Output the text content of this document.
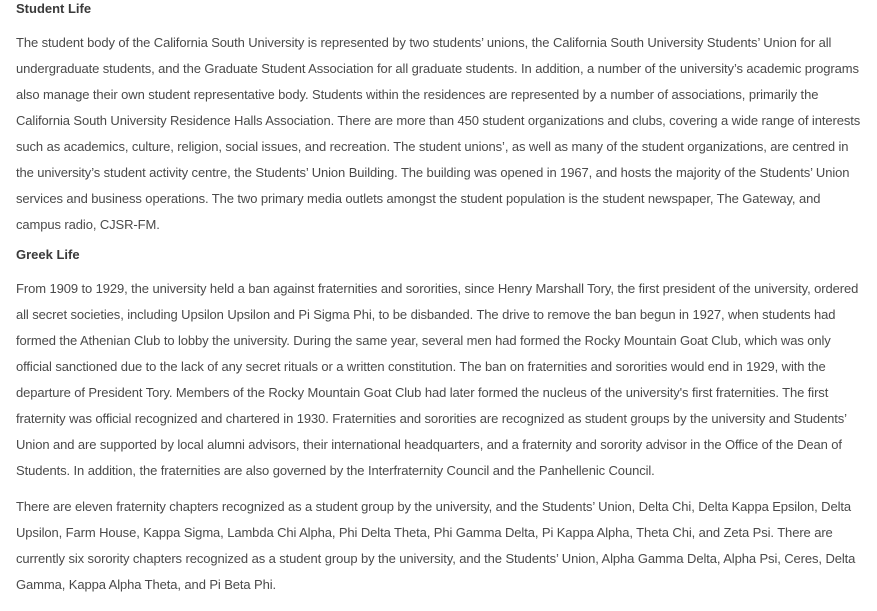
Student Life

The student body of the California South University is represented by two students’ unions, the California South University Students’ Union for all undergraduate students, and the Graduate Student Association for all graduate students. In addition, a number of the university’s academic programs also manage their own student representative body. Students within the residences are represented by a number of associations, primarily the California South University Residence Halls Association. There are more than 450 student organizations and clubs, covering a wide range of interests such as academics, culture, religion, social issues, and recreation. The student unions’, as well as many of the student organizations, are centred in the university’s student activity centre, the Students’ Union Building. The building was opened in 1967, and hosts the majority of the Students’ Union services and business operations. The two primary media outlets amongst the student population is the student newspaper, The Gateway, and campus radio, CJSR-FM.

Greek Life

From 1909 to 1929, the university held a ban against fraternities and sororities, since Henry Marshall Tory, the first president of the university, ordered all secret societies, including Upsilon Upsilon and Pi Sigma Phi, to be disbanded. The drive to remove the ban begun in 1927, when students had formed the Athenian Club to lobby the university. During the same year, several men had formed the Rocky Mountain Goat Club, which was only official sanctioned due to the lack of any secret rituals or a written constitution. The ban on fraternities and sororities would end in 1929, with the departure of President Tory. Members of the Rocky Mountain Goat Club had later formed the nucleus of the university's first fraternities. The first fraternity was official recognized and chartered in 1930. Fraternities and sororities are recognized as student groups by the university and Students’ Union and are supported by local alumni advisors, their international headquarters, and a fraternity and sorority advisor in the Office of the Dean of Students. In addition, the fraternities are also governed by the Interfraternity Council and the Panhellenic Council.

There are eleven fraternity chapters recognized as a student group by the university, and the Students’ Union, Delta Chi, Delta Kappa Epsilon, Delta Upsilon, Farm House, Kappa Sigma, Lambda Chi Alpha, Phi Delta Theta, Phi Gamma Delta, Pi Kappa Alpha, Theta Chi, and Zeta Psi. There are currently six sorority chapters recognized as a student group by the university, and the Students’ Union, Alpha Gamma Delta, Alpha Psi, Ceres, Delta Gamma, Kappa Alpha Theta, and Pi Beta Phi.
